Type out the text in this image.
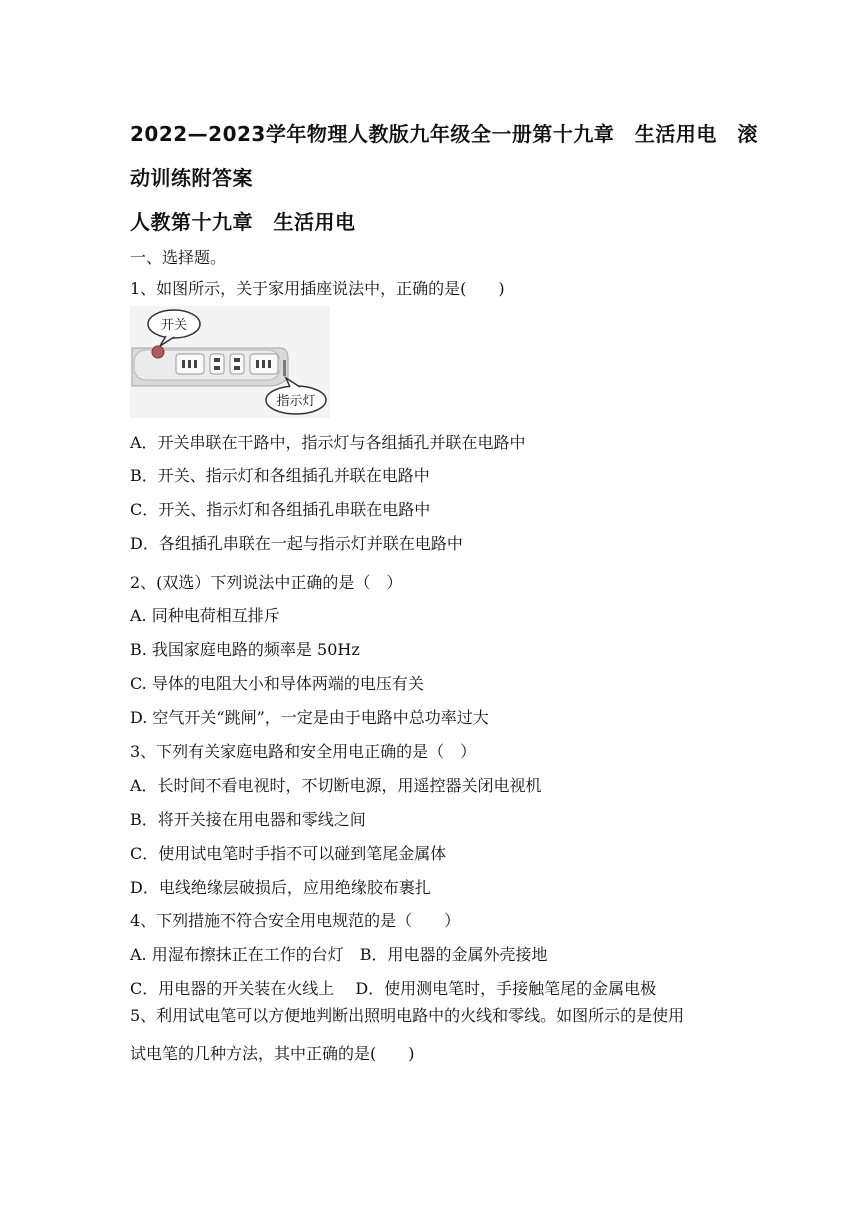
2022—2023学年物理人教版九年级全一册第十九章　生活用电　滚
动训练附答案
人教第十九章　生活用电
一、选择题。
1、如图所示，关于家用插座说法中，正确的是(　　)
开关
指示灯
A．开关串联在干路中，指示灯与各组插孔并联在电路中
B．开关、指示灯和各组插孔并联在电路中
C．开关、指示灯和各组插孔串联在电路中
D．各组插孔串联在一起与指示灯并联在电路中
2、(双选）下列说法中正确的是（　）
A. 同种电荷相互排斥
B. 我国家庭电路的频率是 50Hz
C. 导体的电阻大小和导体两端的电压有关
D. 空气开关“跳闸”，一定是由于电路中总功率过大
3、下列有关家庭电路和安全用电正确的是（　）
A．长时间不看电视时，不切断电源，用遥控器关闭电视机
B．将开关接在用电器和零线之间
C．使用试电笔时手指不可以碰到笔尾金属体
D．电线绝缘层破损后，应用绝缘胶布裹扎
4、下列措施不符合安全用电规范的是（　　）
A. 用湿布擦抹正在工作的台灯　B．用电器的金属外壳接地
C．用电器的开关装在火线上　 D．使用测电笔时，手接触笔尾的金属电极
5、利用试电笔可以方便地判断出照明电路中的火线和零线。如图所示的是使用
试电笔的几种方法，其中正确的是(　　)
